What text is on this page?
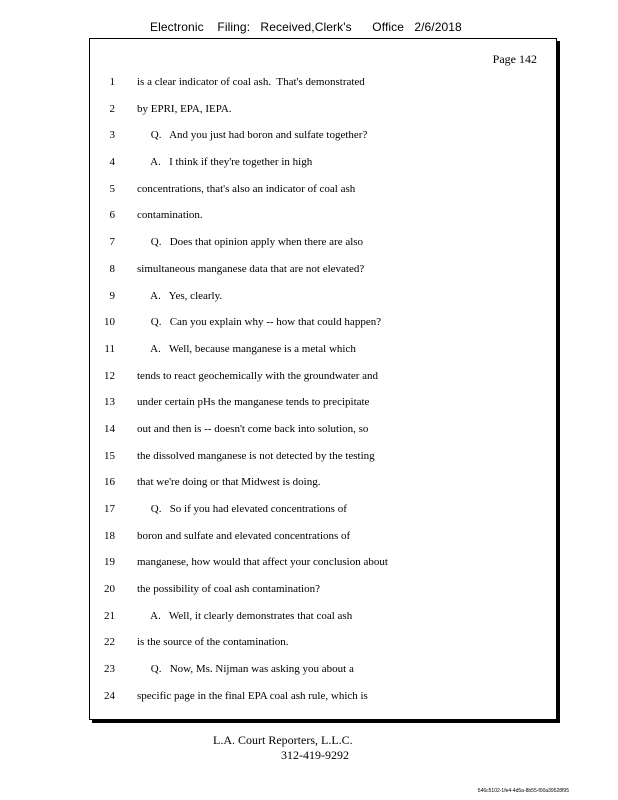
Electronic    Filing:   Received,Clerk's      Office   2/6/2018
Page 142
1 is a clear indicator of coal ash.  That's demonstrated
2 by EPRI, EPA, IEPA.
3 Q.   And you just had boron and sulfate together?
4 A.   I think if they're together in high
5 concentrations, that's also an indicator of coal ash
6 contamination.
7 Q.   Does that opinion apply when there are also
8 simultaneous manganese data that are not elevated?
9 A.   Yes, clearly.
10 Q.   Can you explain why -- how that could happen?
11 A.   Well, because manganese is a metal which
12 tends to react geochemically with the groundwater and
13 under certain pHs the manganese tends to precipitate
14 out and then is -- doesn't come back into solution, so
15 the dissolved manganese is not detected by the testing
16 that we're doing or that Midwest is doing.
17 Q.   So if you had elevated concentrations of
18 boron and sulfate and elevated concentrations of
19 manganese, how would that affect your conclusion about
20 the possibility of coal ash contamination?
21 A.   Well, it clearly demonstrates that coal ash
22 is the source of the contamination.
23 Q.   Now, Ms. Nijman was asking you about a
24 specific page in the final EPA coal ash rule, which is
L.A. Court Reporters, L.L.C.
312-419-9292
546c5102-1fe4-4d5a-8b55-f00a39528f95
